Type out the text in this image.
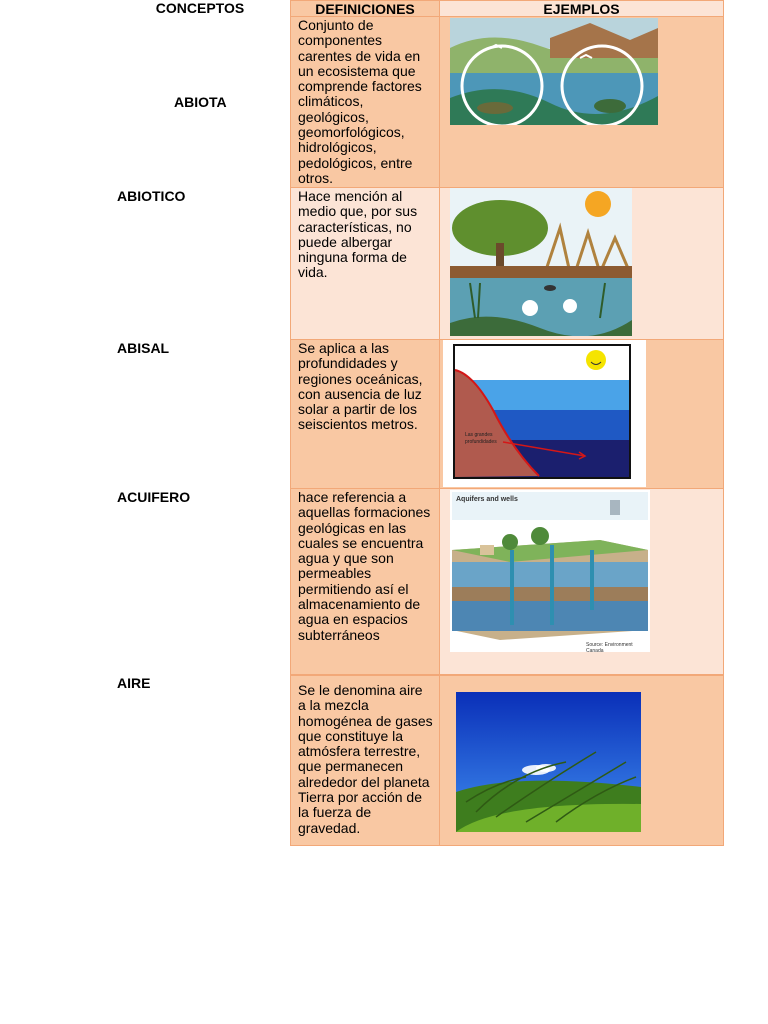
CONCEPTOS	DEFINICIONES	EJEMPLOS
Conjunto de componentes carentes de vida en un ecosistema que comprende factores climáticos, geológicos, geomorfológicos, hidrológicos, pedológicos, entre otros.
Hace mención al medio que, por sus características, no puede albergar ninguna forma de vida.
Se aplica a las profundidades y regiones oceánicas, con ausencia de luz solar a partir de los seiscientos metros.
Las grandes profundidades
hace referencia a aquellas formaciones geológicas en las cuales se encuentra agua y que son permeables permitiendo así el almacenamiento de agua en espacios subterráneos
Aquifers and wells
Source: Environment Canada
Se le denomina aire a la mezcla homogénea de gases que constituye la atmósfera terrestre, que permanecen alrededor del planeta Tierra por acción de la fuerza de gravedad.
ABIOTA
ABIOTICO
ABISAL
ACUIFERO
AIRE
